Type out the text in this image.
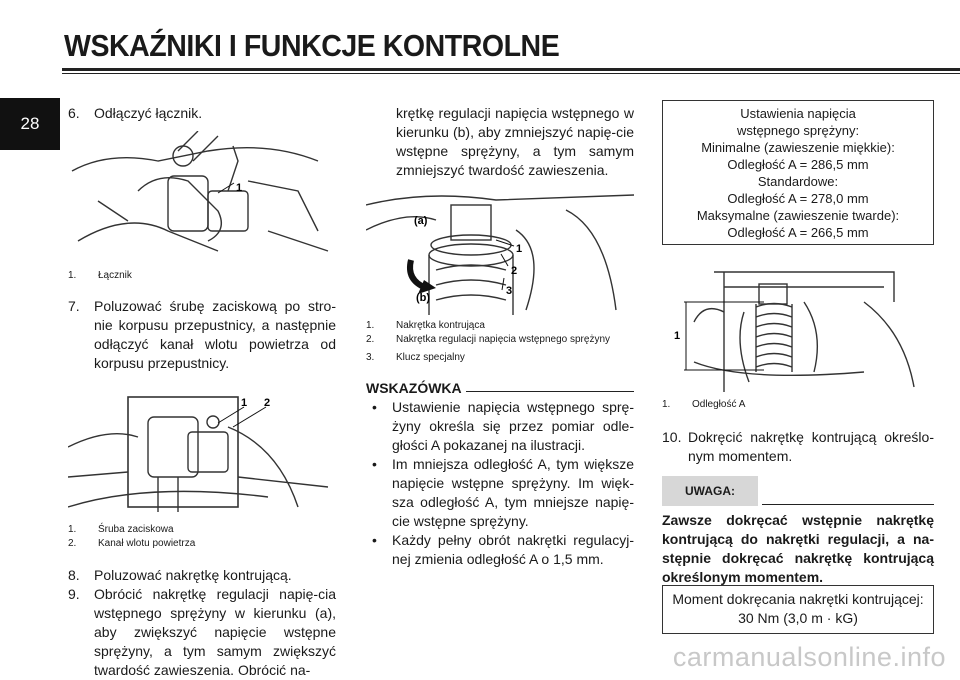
WSKAŹNIKI I FUNKCJE KONTROLNE
28
6. Odłączyć łącznik.
1
1. Łącznik
7. Poluzować śrubę zaciskową po stro-nie korpusu przepustnicy, a następnie odłączyć kanał wlotu powietrza od korpusu przepustnicy.
1 2
1. Śruba zaciskowa
2. Kanał wlotu powietrza
8. Poluzować nakrętkę kontrującą.
9. Obrócić nakrętkę regulacji napię-cia wstępnego sprężyny w kierunku (a), aby zwiększyć napięcie wstępne sprężyny, a tym samym zwiększyć twardość zawieszenia. Obrócić na-
krętkę regulacji napięcia wstępnego w kierunku (b), aby zmniejszyć napię-cie wstępne sprężyny, a tym samym zmniejszyć twardość zawieszenia.
(a)
(b)
1
2
3
1. Nakrętka kontrująca
2. Nakrętka regulacji napięcia wstępnego sprężyny
3. Klucz specjalny
WSKAZÓWKA
• Ustawienie napięcia wstępnego sprę-żyny określa się przez pomiar odle-głości A pokazanej na ilustracji.
• Im mniejsza odległość A, tym większe napięcie wstępne sprężyny. Im więk-sza odległość A, tym mniejsze napię-cie wstępne sprężyny.
• Każdy pełny obrót nakrętki regulacyj-nej zmienia odległość A o 1,5 mm.
Ustawienia napięcia
wstępnego sprężyny:
Minimalne (zawieszenie miękkie):
Odległość A = 286,5 mm
Standardowe:
Odległość A = 278,0 mm
Maksymalne (zawieszenie twarde):
Odległość A = 266,5 mm
1
1. Odległość A
10. Dokręcić nakrętkę kontrującą określo-nym momentem.
UWAGA:
Zawsze dokręcać wstępnie nakrętkę kontrującą do nakrętki regulacji, a na-stępnie dokręcać nakrętkę kontrującą określonym momentem.
Moment dokręcania nakrętki kontrującej:
30 Nm (3,0 m · kG)
carmanualsonline.info
